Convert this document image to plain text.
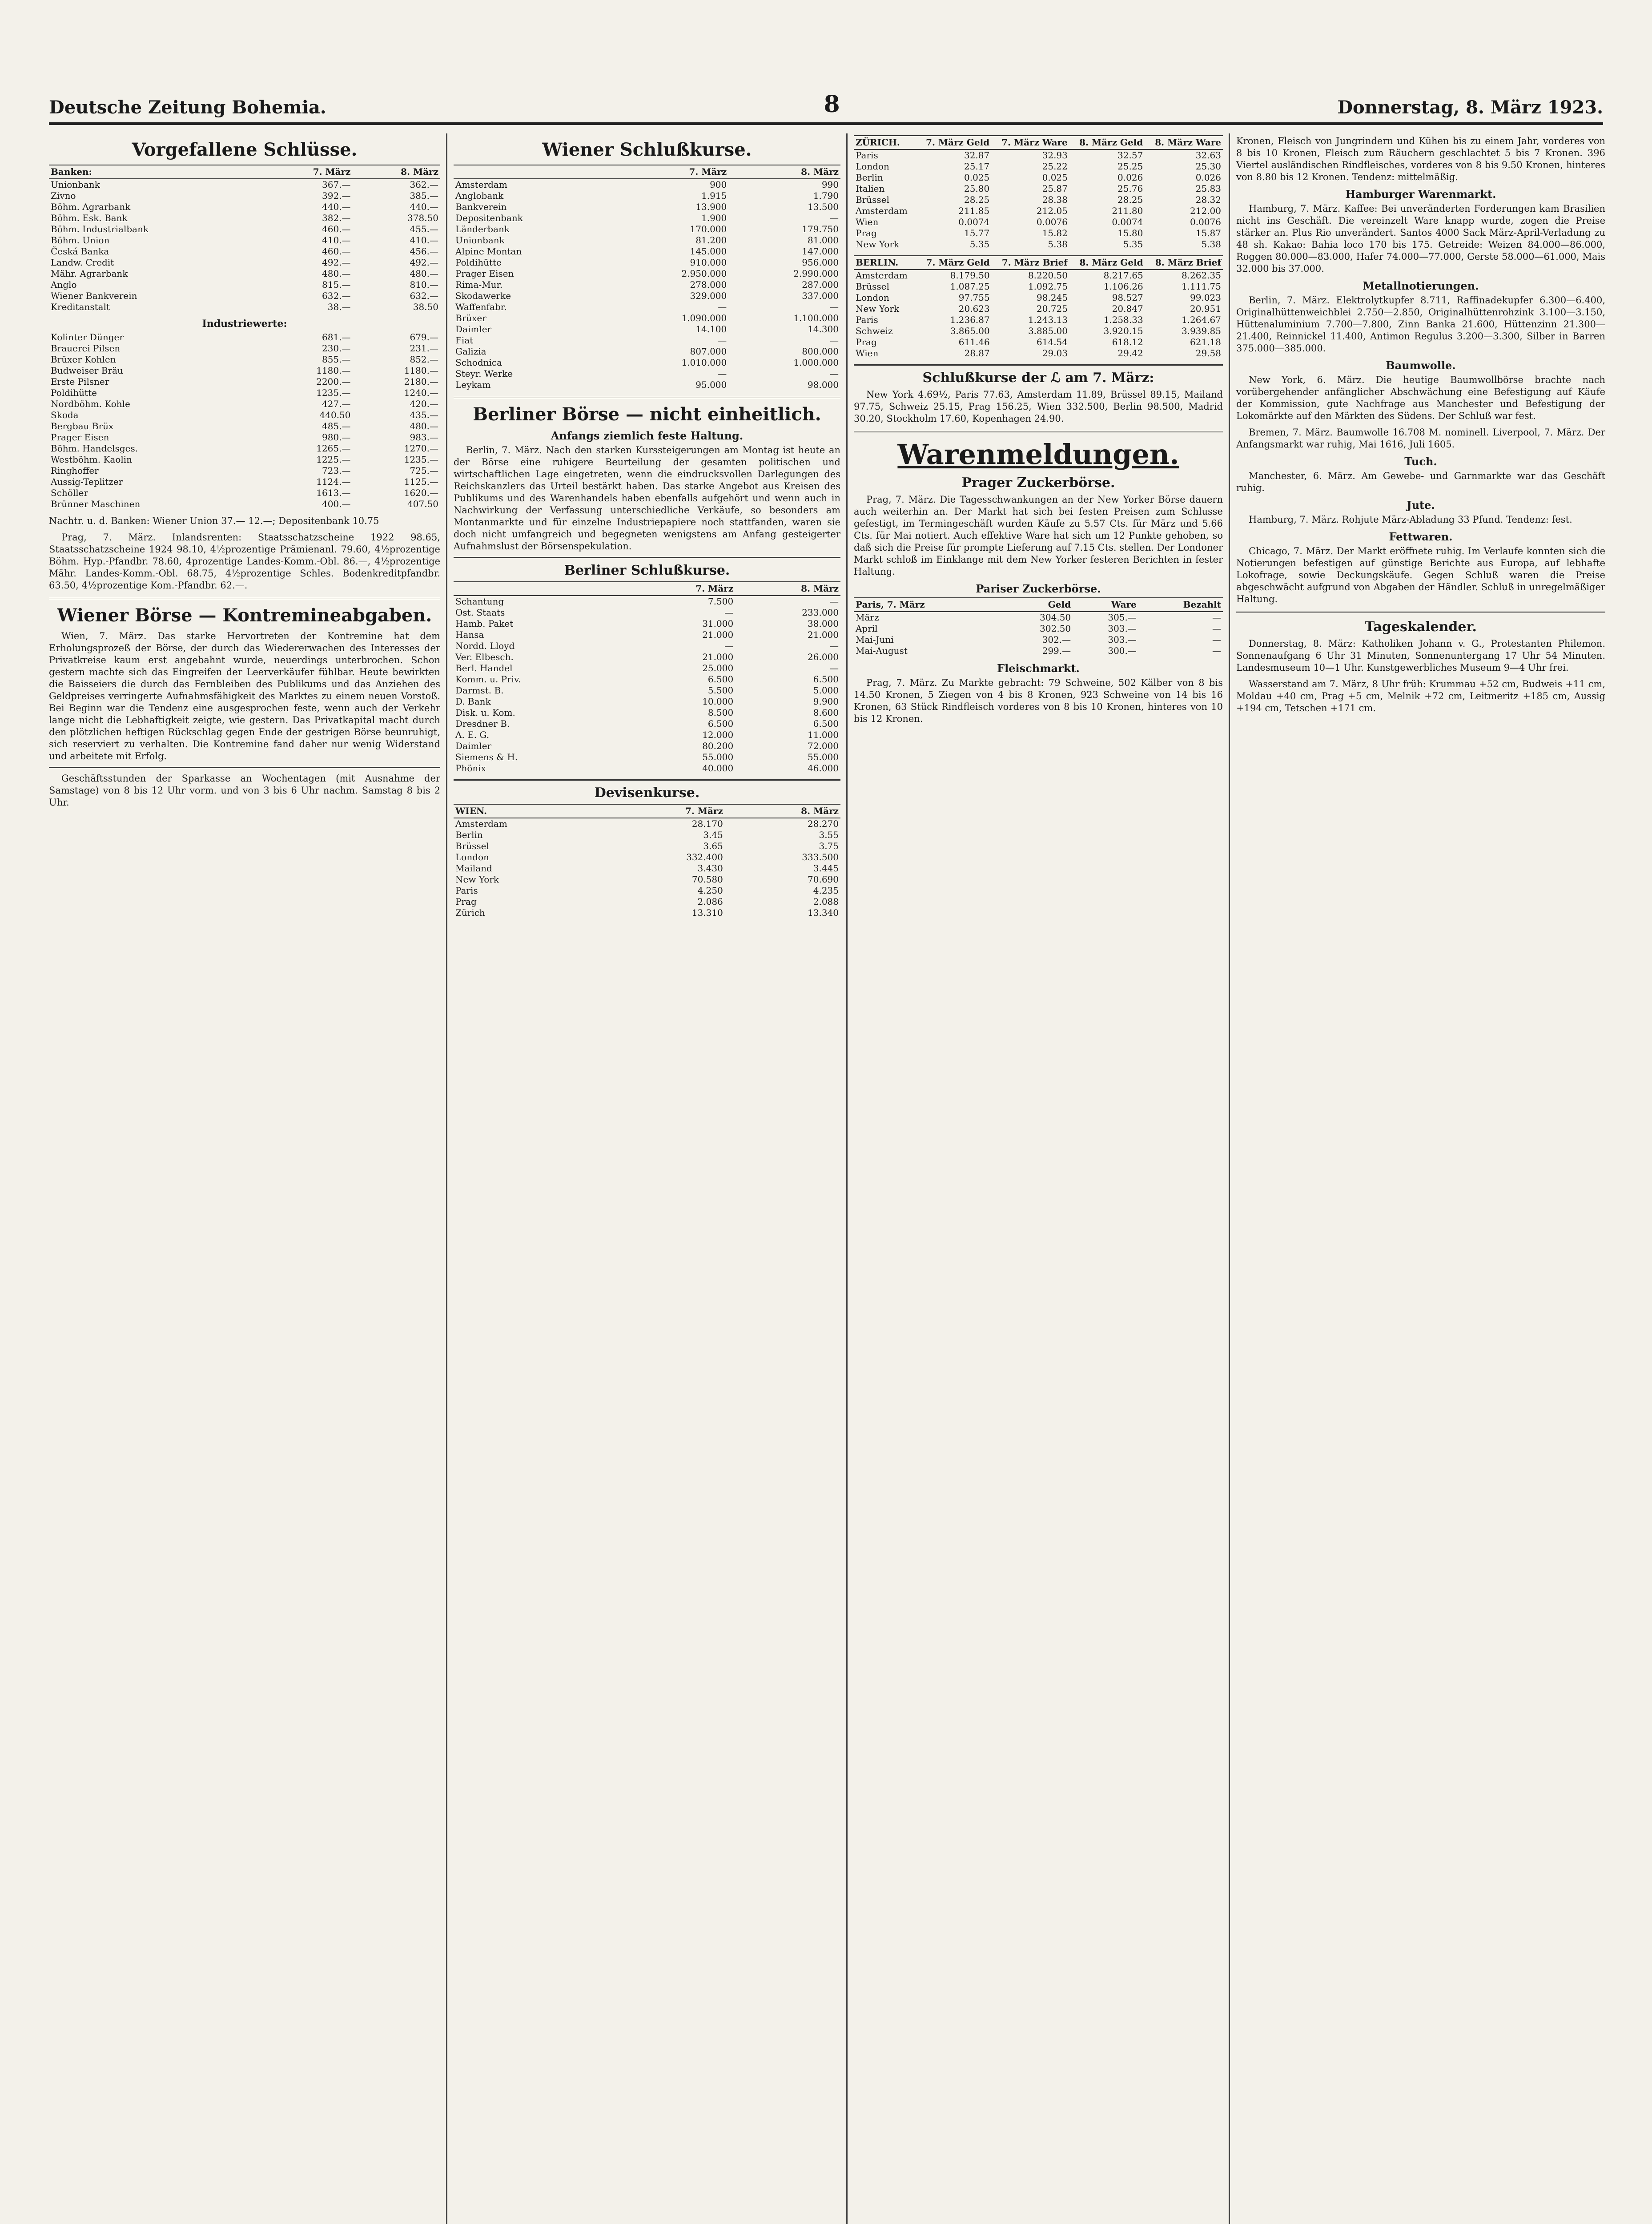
Deutsche Zeitung Bohemia.	8	Donnerstag, 8. März 1923.
Vorgefallene Schlüsse.
Banken:	7. März	8. März
Unionbank	367.—	362.—
Zivno	392.—	385.—
Böhm. Agrarbank	440.—	440.—
Böhm. Esk. Bank	382.—	378.50
Böhm. Industrialbank	460.—	455.—
Böhm. Union	410.—	410.—
Česká Banka	460.—	456.—
Landw. Credit	492.—	492.—
Mähr. Agrarbank	480.—	480.—
Anglo	815.—	810.—
Wiener Bankverein	632.—	632.—
Kreditanstalt	38.—	38.50
Industriewerte:
Kolinter Dünger	681.—	679.—
Brauerei Pilsen	230.—	231.—
Brüxer Kohlen	855.—	852.—
Budweiser Bräu	1180.—	1180.—
Erste Pilsner	2200.—	2180.—
Poldihütte	1235.—	1240.—
Nordböhm. Kohle	427.—	420.—
Skoda	440.50	435.—
Bergbau Brüx	485.—	480.—
Prager Eisen	980.—	983.—
Böhm. Handelsges.	1265.—	1270.—
Westböhm. Kaolin	1225.—	1235.—
Ringhoffer	723.—	725.—
Aussig-Teplitzer	1124.—	1125.—
Schöller	1613.—	1620.—
Brünner Maschinen	400.—	407.50

Nachtr. u. d. Banken: Wiener Union 37.— 12.—; Depositenbank 10.75

Prag, 7. März. Inlandsrenten: Staatsschatzscheine 1922 98.65, Staatsschatzscheine 1924 98.10, 4½prozentige Prämienanl. 79.60, 4½prozentige Böhm. Hyp.-Pfandbr. 78.60, 4prozentige Landes-Komm.-Obl. 86.—, 4½prozentige Mähr. Landes-Komm.-Obl. 68.75, 4½prozentige Schles. Bodenkreditpfandbr. 63.50, 4½prozentige Kom.-Pfandbr. 62.—.

Wiener Börse — Kontremineabgaben.

Wien, 7. März. Das starke Hervortreten der Kontremine hat dem Erholungsprozeß der Börse, der durch das Wiedererwachen des Interesses der Privatkreise kaum erst angebahnt wurde, neuerdings unterbrochen. Schon gestern machte sich das Eingreifen der Leerverkäufer fühlbar. Heute bewirkten die Baisseiers die durch das Fernbleiben des Publikums und das Anziehen des Geldpreises verringerte Aufnahmsfähigkeit des Marktes zu einem neuen Vorstoß. Bei Beginn war die Tendenz eine ausgesprochen feste, wenn auch der Verkehr lange nicht die Lebhaftigkeit zeigte, wie gestern. Das Privatkapital macht durch den plötzlichen heftigen Rückschlag gegen Ende der gestrigen Börse beunruhigt, sich reserviert zu verhalten. Die Kontremine fand daher nur wenig Widerstand und arbeitete mit Erfolg.

Geschäftsstunden der Sparkasse an Wochentagen (mit Ausnahme der Samstage) von 8 bis 12 Uhr vorm. und von 3 bis 6 Uhr nachm. Samstag 8 bis 2 Uhr.

Wiener Schlußkurse.
	7. März	8. März
Amsterdam	900	990
Anglobank	1.915	1.790
Bankverein	13.900	13.500
Depositenbank	1.900	—
Länderbank	170.000	179.750
Unionbank	81.200	81.000
Alpine Montan	145.000	147.000
Poldihütte	910.000	956.000
Prager Eisen	2.950.000	2.990.000
Rima-Mur.	278.000	287.000
Skodawerke	329.000	337.000
Waffenfabr.	—	—
Brüxer	1.090.000	1.100.000
Daimler	14.100	14.300
Fiat	—	—
Galizia	807.000	800.000
Schodnica	1.010.000	1.000.000
Steyr. Werke	—	—
Leykam	95.000	98.000
Berliner Börse — nicht einheitlich.
Anfangs ziemlich feste Haltung.

Berlin, 7. März. Nach den starken Kurssteigerungen am Montag ist heute an der Börse eine ruhigere Beurteilung der gesamten politischen und wirtschaftlichen Lage eingetreten, wenn die eindrucksvollen Darlegungen des Reichskanzlers das Urteil bestärkt haben. Das starke Angebot aus Kreisen des Publikums und des Warenhandels haben ebenfalls aufgehört und wenn auch in Nachwirkung der Verfassung unterschiedliche Verkäufe, so besonders am Montanmarkte und für einzelne Industriepapiere noch stattfanden, waren sie doch nicht umfangreich und begegneten wenigstens am Anfang gesteigerter Aufnahmslust der Börsenspekulation.

Berliner Schlußkurse.
	7. März	8. März
Schantung	7.500	—
Ost. Staats	—	233.000
Hamb. Paket	31.000	38.000
Hansa	21.000	21.000
Nordd. Lloyd	—	—
Ver. Elbesch.	21.000	26.000
Berl. Handel	25.000	—
Komm. u. Priv.	6.500	6.500
Darmst. B.	5.500	5.000
D. Bank	10.000	9.900
Disk. u. Kom.	8.500	8.600
Dresdner B.	6.500	6.500
A. E. G.	12.000	11.000
Daimler	80.200	72.000
Siemens & H.	55.000	55.000
Phönix	40.000	46.000
Devisenkurse.
WIEN.	7. März	8. März
Amsterdam	28.170	28.270
Berlin	3.45	3.55
Brüssel	3.65	3.75
London	332.400	333.500
Mailand	3.430	3.445
New York	70.580	70.690
Paris	4.250	4.235
Prag	2.086	2.088
Zürich	13.310	13.340
ZÜRICH.	7. März Geld	7. März Ware	8. März Geld	8. März Ware
Paris	32.87	32.93	32.57	32.63
London	25.17	25.22	25.25	25.30
Berlin	0.025	0.025	0.026	0.026
Italien	25.80	25.87	25.76	25.83
Brüssel	28.25	28.38	28.25	28.32
Amsterdam	211.85	212.05	211.80	212.00
Wien	0.0074	0.0076	0.0074	0.0076
Prag	15.77	15.82	15.80	15.87
New York	5.35	5.38	5.35	5.38
BERLIN.	7. März Geld	7. März Brief	8. März Geld	8. März Brief
Amsterdam	8.179.50	8.220.50	8.217.65	8.262.35
Brüssel	1.087.25	1.092.75	1.106.26	1.111.75
London	97.755	98.245	98.527	99.023
New York	20.623	20.725	20.847	20.951
Paris	1.236.87	1.243.13	1.258.33	1.264.67
Schweiz	3.865.00	3.885.00	3.920.15	3.939.85
Prag	611.46	614.54	618.12	621.18
Wien	28.87	29.03	29.42	29.58
Schlußkurse der ℒ am 7. März:

New York 4.69½, Paris 77.63, Amsterdam 11.89, Brüssel 89.15, Mailand 97.75, Schweiz 25.15, Prag 156.25, Wien 332.500, Berlin 98.500, Madrid 30.20, Stockholm 17.60, Kopenhagen 24.90.

Warenmeldungen.
Prager Zuckerbörse.

Prag, 7. März. Die Tagesschwankungen an der New Yorker Börse dauern auch weiterhin an. Der Markt hat sich bei festen Preisen zum Schlusse gefestigt, im Termingeschäft wurden Käufe zu 5.57 Cts. für März und 5.66 Cts. für Mai notiert. Auch effektive Ware hat sich um 12 Punkte gehoben, so daß sich die Preise für prompte Lieferung auf 7.15 Cts. stellen. Der Londoner Markt schloß im Einklange mit dem New Yorker festeren Berichten in fester Haltung.

Pariser Zuckerbörse.
Paris, 7. März	Geld	Ware	Bezahlt
März	304.50	305.—	—
April	302.50	303.—	—
Mai-Juni	302.—	303.—	—
Mai-August	299.—	300.—	—
Fleischmarkt.

Prag, 7. März. Zu Markte gebracht: 79 Schweine, 502 Kälber von 8 bis 14.50 Kronen, 5 Ziegen von 4 bis 8 Kronen, 923 Schweine von 14 bis 16 Kronen, 63 Stück Rindfleisch vorderes von 8 bis 10 Kronen, hinteres von 10 bis 12 Kronen.

Kronen, Fleisch von Jungrindern und Kühen bis zu einem Jahr, vorderes von 8 bis 10 Kronen, Fleisch zum Räuchern geschlachtet 5 bis 7 Kronen. 396 Viertel ausländischen Rindfleisches, vorderes von 8 bis 9.50 Kronen, hinteres von 8.80 bis 12 Kronen. Tendenz: mittelmäßig.

Hamburger Warenmarkt.

Hamburg, 7. März. Kaffee: Bei unveränderten Forderungen kam Brasilien nicht ins Geschäft. Die vereinzelt Ware knapp wurde, zogen die Preise stärker an. Plus Rio unverändert. Santos 4000 Sack März-April-Verladung zu 48 sh. Kakao: Bahia loco 170 bis 175. Getreide: Weizen 84.000—86.000, Roggen 80.000—83.000, Hafer 74.000—77.000, Gerste 58.000—61.000, Mais 32.000 bis 37.000.

Metallnotierungen.

Berlin, 7. März. Elektrolytkupfer 8.711, Raffinadekupfer 6.300—6.400, Originalhüttenweichblei 2.750—2.850, Originalhüttenrohzink 3.100—3.150, Hüttenaluminium 7.700—7.800, Zinn Banka 21.600, Hüttenzinn 21.300—21.400, Reinnickel 11.400, Antimon Regulus 3.200—3.300, Silber in Barren 375.000—385.000.

Baumwolle.

New York, 6. März. Die heutige Baumwollbörse brachte nach vorübergehender anfänglicher Abschwächung eine Befestigung auf Käufe der Kommission, gute Nachfrage aus Manchester und Befestigung der Lokomärkte auf den Märkten des Südens. Der Schluß war fest.

Bremen, 7. März. Baumwolle 16.708 M. nominell. Liverpool, 7. März. Der Anfangsmarkt war ruhig, Mai 1616, Juli 1605.

Tuch.

Manchester, 6. März. Am Gewebe- und Garnmarkte war das Geschäft ruhig.

Jute.

Hamburg, 7. März. Rohjute März-Abladung 33 Pfund. Tendenz: fest.

Fettwaren.

Chicago, 7. März. Der Markt eröffnete ruhig. Im Verlaufe konnten sich die Notierungen befestigen auf günstige Berichte aus Europa, auf lebhafte Lokofrage, sowie Deckungskäufe. Gegen Schluß waren die Preise abgeschwächt aufgrund von Abgaben der Händler. Schluß in unregelmäßiger Haltung.

Tageskalender.

Donnerstag, 8. März: Katholiken Johann v. G., Protestanten Philemon. Sonnenaufgang 6 Uhr 31 Minuten, Sonnenuntergang 17 Uhr 54 Minuten. Landesmuseum 10—1 Uhr. Kunstgewerbliches Museum 9—4 Uhr frei.

Wasserstand am 7. März, 8 Uhr früh: Krummau +52 cm, Budweis +11 cm, Moldau +40 cm, Prag +5 cm, Melnik +72 cm, Leitmeritz +185 cm, Aussig +194 cm, Tetschen +171 cm.
